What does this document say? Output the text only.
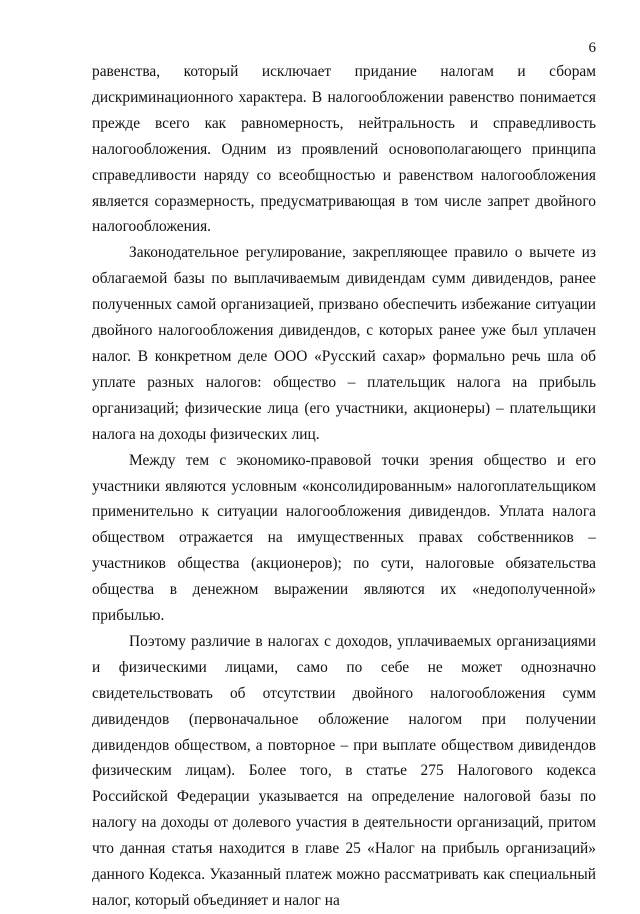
6

равенства, который исключает придание налогам и сборам дискриминационного характера. В налогообложении равенство понимается прежде всего как равномерность, нейтральность и справедливость налогообложения. Одним из проявлений основополагающего принципа справедливости наряду со всеобщностью и равенством налогообложения является соразмерность, предусматривающая в том числе запрет двойного налогообложения.

Законодательное регулирование, закрепляющее правило о вычете из облагаемой базы по выплачиваемым дивидендам сумм дивидендов, ранее полученных самой организацией, призвано обеспечить избежание ситуации двойного налогообложения дивидендов, с которых ранее уже был уплачен налог. В конкретном деле ООО «Русский сахар» формально речь шла об уплате разных налогов: общество – плательщик налога на прибыль организаций; физические лица (его участники, акционеры) – плательщики налога на доходы физических лиц.

Между тем с экономико-правовой точки зрения общество и его участники являются условным «консолидированным» налогоплательщиком применительно к ситуации налогообложения дивидендов. Уплата налога обществом отражается на имущественных правах собственников – участников общества (акционеров); по сути, налоговые обязательства общества в денежном выражении являются их «недополученной» прибылью.

Поэтому различие в налогах с доходов, уплачиваемых организациями и физическими лицами, само по себе не может однозначно свидетельствовать об отсутствии двойного налогообложения сумм дивидендов (первоначальное обложение налогом при получении дивидендов обществом, а повторное – при выплате обществом дивидендов физическим лицам). Более того, в статье 275 Налогового кодекса Российской Федерации указывается на определение налоговой базы по налогу на доходы от долевого участия в деятельности организаций, притом что данная статья находится в главе 25 «Налог на прибыль организаций» данного Кодекса. Указанный платеж можно рассматривать как специальный налог, который объединяет и налог на
